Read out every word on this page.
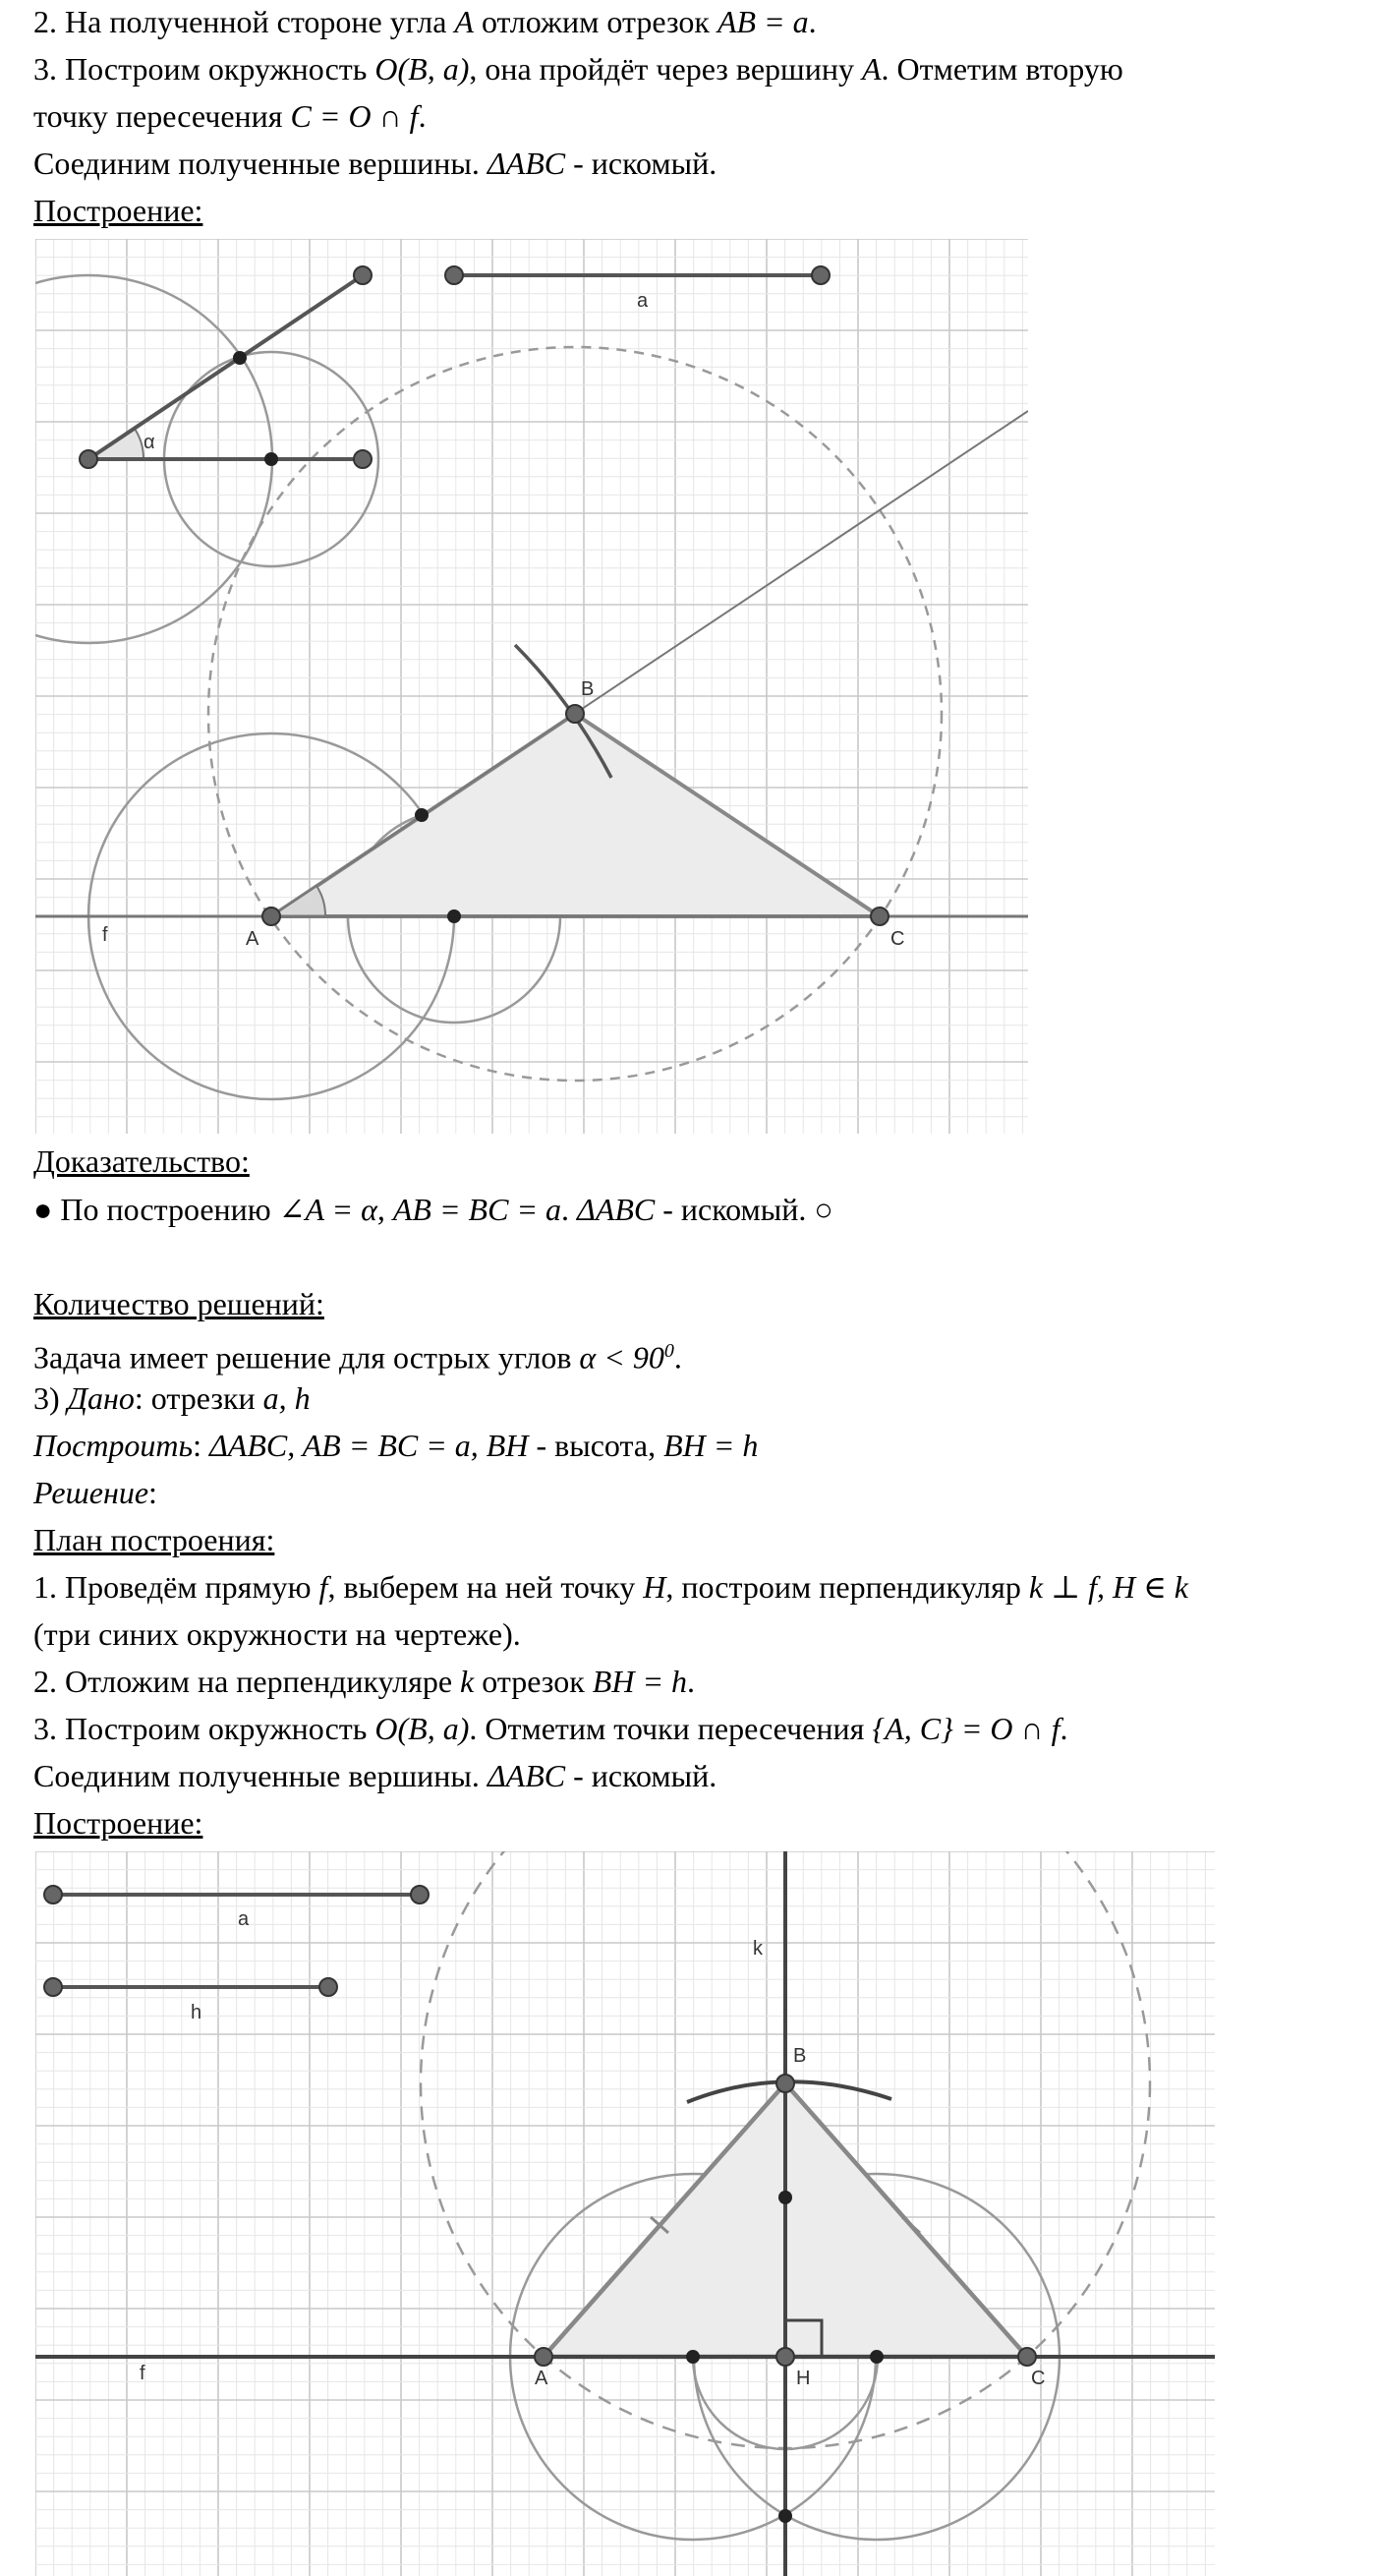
2. На полученной стороне угла A отложим отрезок AB = a.
3. Построим окружность O(B, a), она пройдёт через вершину A. Отметим вторую
точку пересечения C = O ∩ f.
Соединим полученные вершины. ΔABC - искомый.
Построение:
a
α
B
A	C
f
Доказательство:
● По построению ∠A = α, AB = BC = a. ΔABC - искомый. ○
Количество решений:
Задача имеет решение для острых углов $\alpha < 90^0$.
3) Дано: отрезки a, h
Построить: ΔABC, AB = BC = a, BH - высота, BH = h
Решение:
План построения:
1. Проведём прямую f, выберем на ней точку H, построим перпендикуляр k ⊥ f, H ∈ k
(три синих окружности на чертеже).
2. Отложим на перпендикуляре k отрезок BH = h.
3. Построим окружность O(B, a). Отметим точки пересечения {A, C} = O ∩ f.
Соединим полученные вершины. ΔABC - искомый.
Построение:
a
h
k
B
A	H	C
f
